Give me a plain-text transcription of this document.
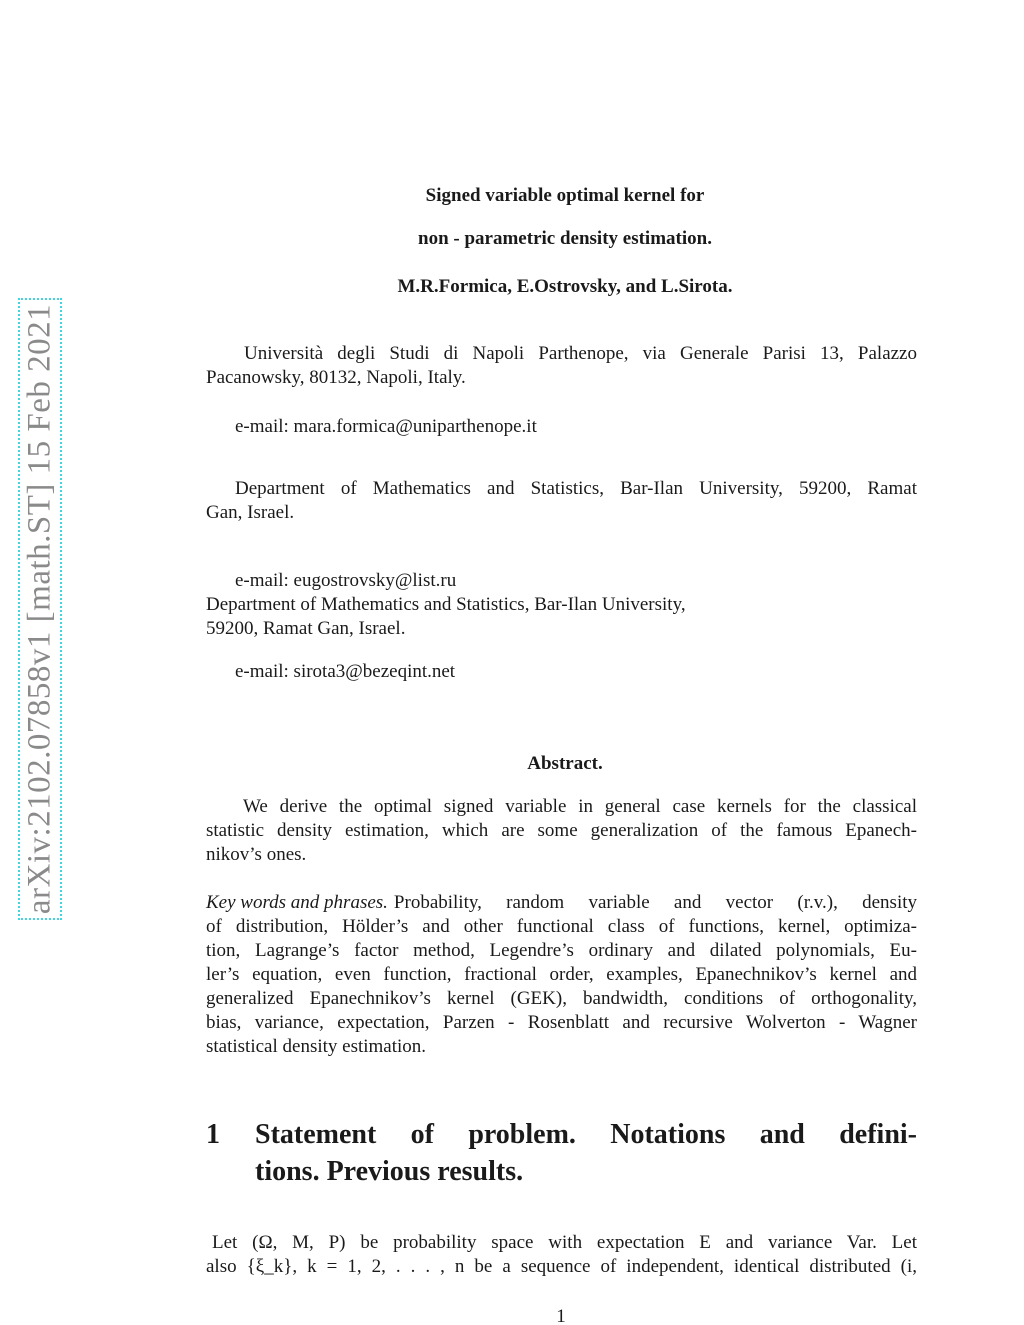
arXiv:2102.07858v1 [math.ST] 15 Feb 2021
Signed variable optimal kernel for
non - parametric density estimation.
M.R.Formica, E.Ostrovsky, and L.Sirota.
Università degli Studi di Napoli Parthenope, via Generale Parisi 13, Palazzo
Pacanowsky, 80132, Napoli, Italy.
e-mail: mara.formica@uniparthenope.it
Department of Mathematics and Statistics, Bar-Ilan University, 59200, Ramat
Gan, Israel.
e-mail: eugostrovsky@list.ru
Department of Mathematics and Statistics, Bar-Ilan University,
59200, Ramat Gan, Israel.
e-mail: sirota3@bezeqint.net
Abstract.
We derive the optimal signed variable in general case kernels for the classical
statistic density estimation, which are some generalization of the famous Epanech-
nikov’s ones.
Key words and phrases. Probability, random variable and vector (r.v.), density
of distribution, Hölder’s and other functional class of functions, kernel, optimiza-
tion, Lagrange’s factor method, Legendre’s ordinary and dilated polynomials, Eu-
ler’s equation, even function, fractional order, examples, Epanechnikov’s kernel and
generalized Epanechnikov’s kernel (GEK), bandwidth, conditions of orthogonality,
bias, variance, expectation, Parzen - Rosenblatt and recursive Wolverton - Wagner
statistical density estimation.
1 Statement of problem. Notations and defini-
tions. Previous results.
Let (Ω, M, P) be probability space with expectation E and variance Var. Let
also {ξ_k}, k = 1, 2, . . . , n be a sequence of independent, identical distributed (i,
1
